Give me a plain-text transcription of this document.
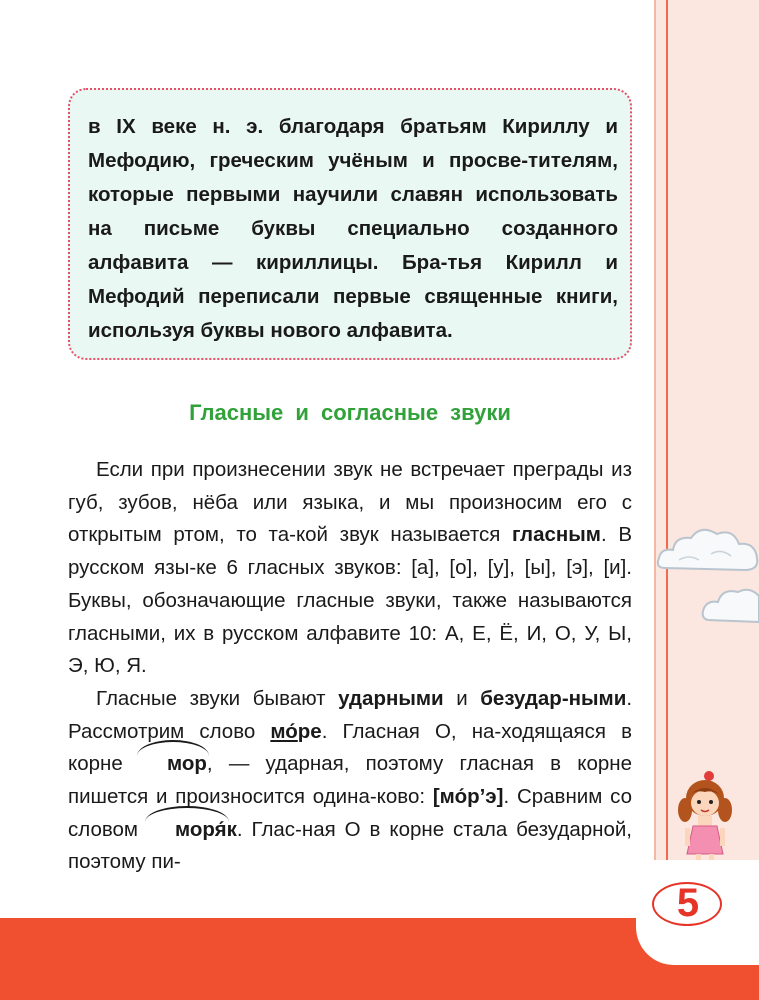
5
в IX веке н. э. благодаря братьям Кириллу и Мефодию, греческим учёным и просве-тителям, которые первыми научили славян использовать на письме буквы специально созданного алфавита — кириллицы. Бра-тья Кирилл и Мефодий переписали первые священные книги, используя буквы нового алфавита.
Гласные и согласные звуки

Если при произнесении звук не встречает преграды из губ, зубов, нёба или языка, и мы произносим его с открытым ртом, то та-кой звук называется гласным. В русском язы-ке 6 гласных звуков: [а], [о], [у], [ы], [э], [и]. Буквы, обозначающие гласные звуки, также называются гласными, их в русском алфавите 10: А, Е, Ё, И, О, У, Ы, Э, Ю, Я.

Гласные звуки бывают ударными и безудар-ными. Рассмотрим слово мо́ре. Гласная О, на-ходящаяся в корне мор, — ударная, поэтому гласная в корне пишется и произносится одина-ково: [мо́р’э]. Сравним со словом моря́к. Глас-ная О в корне стала безударной, поэтому пи-
